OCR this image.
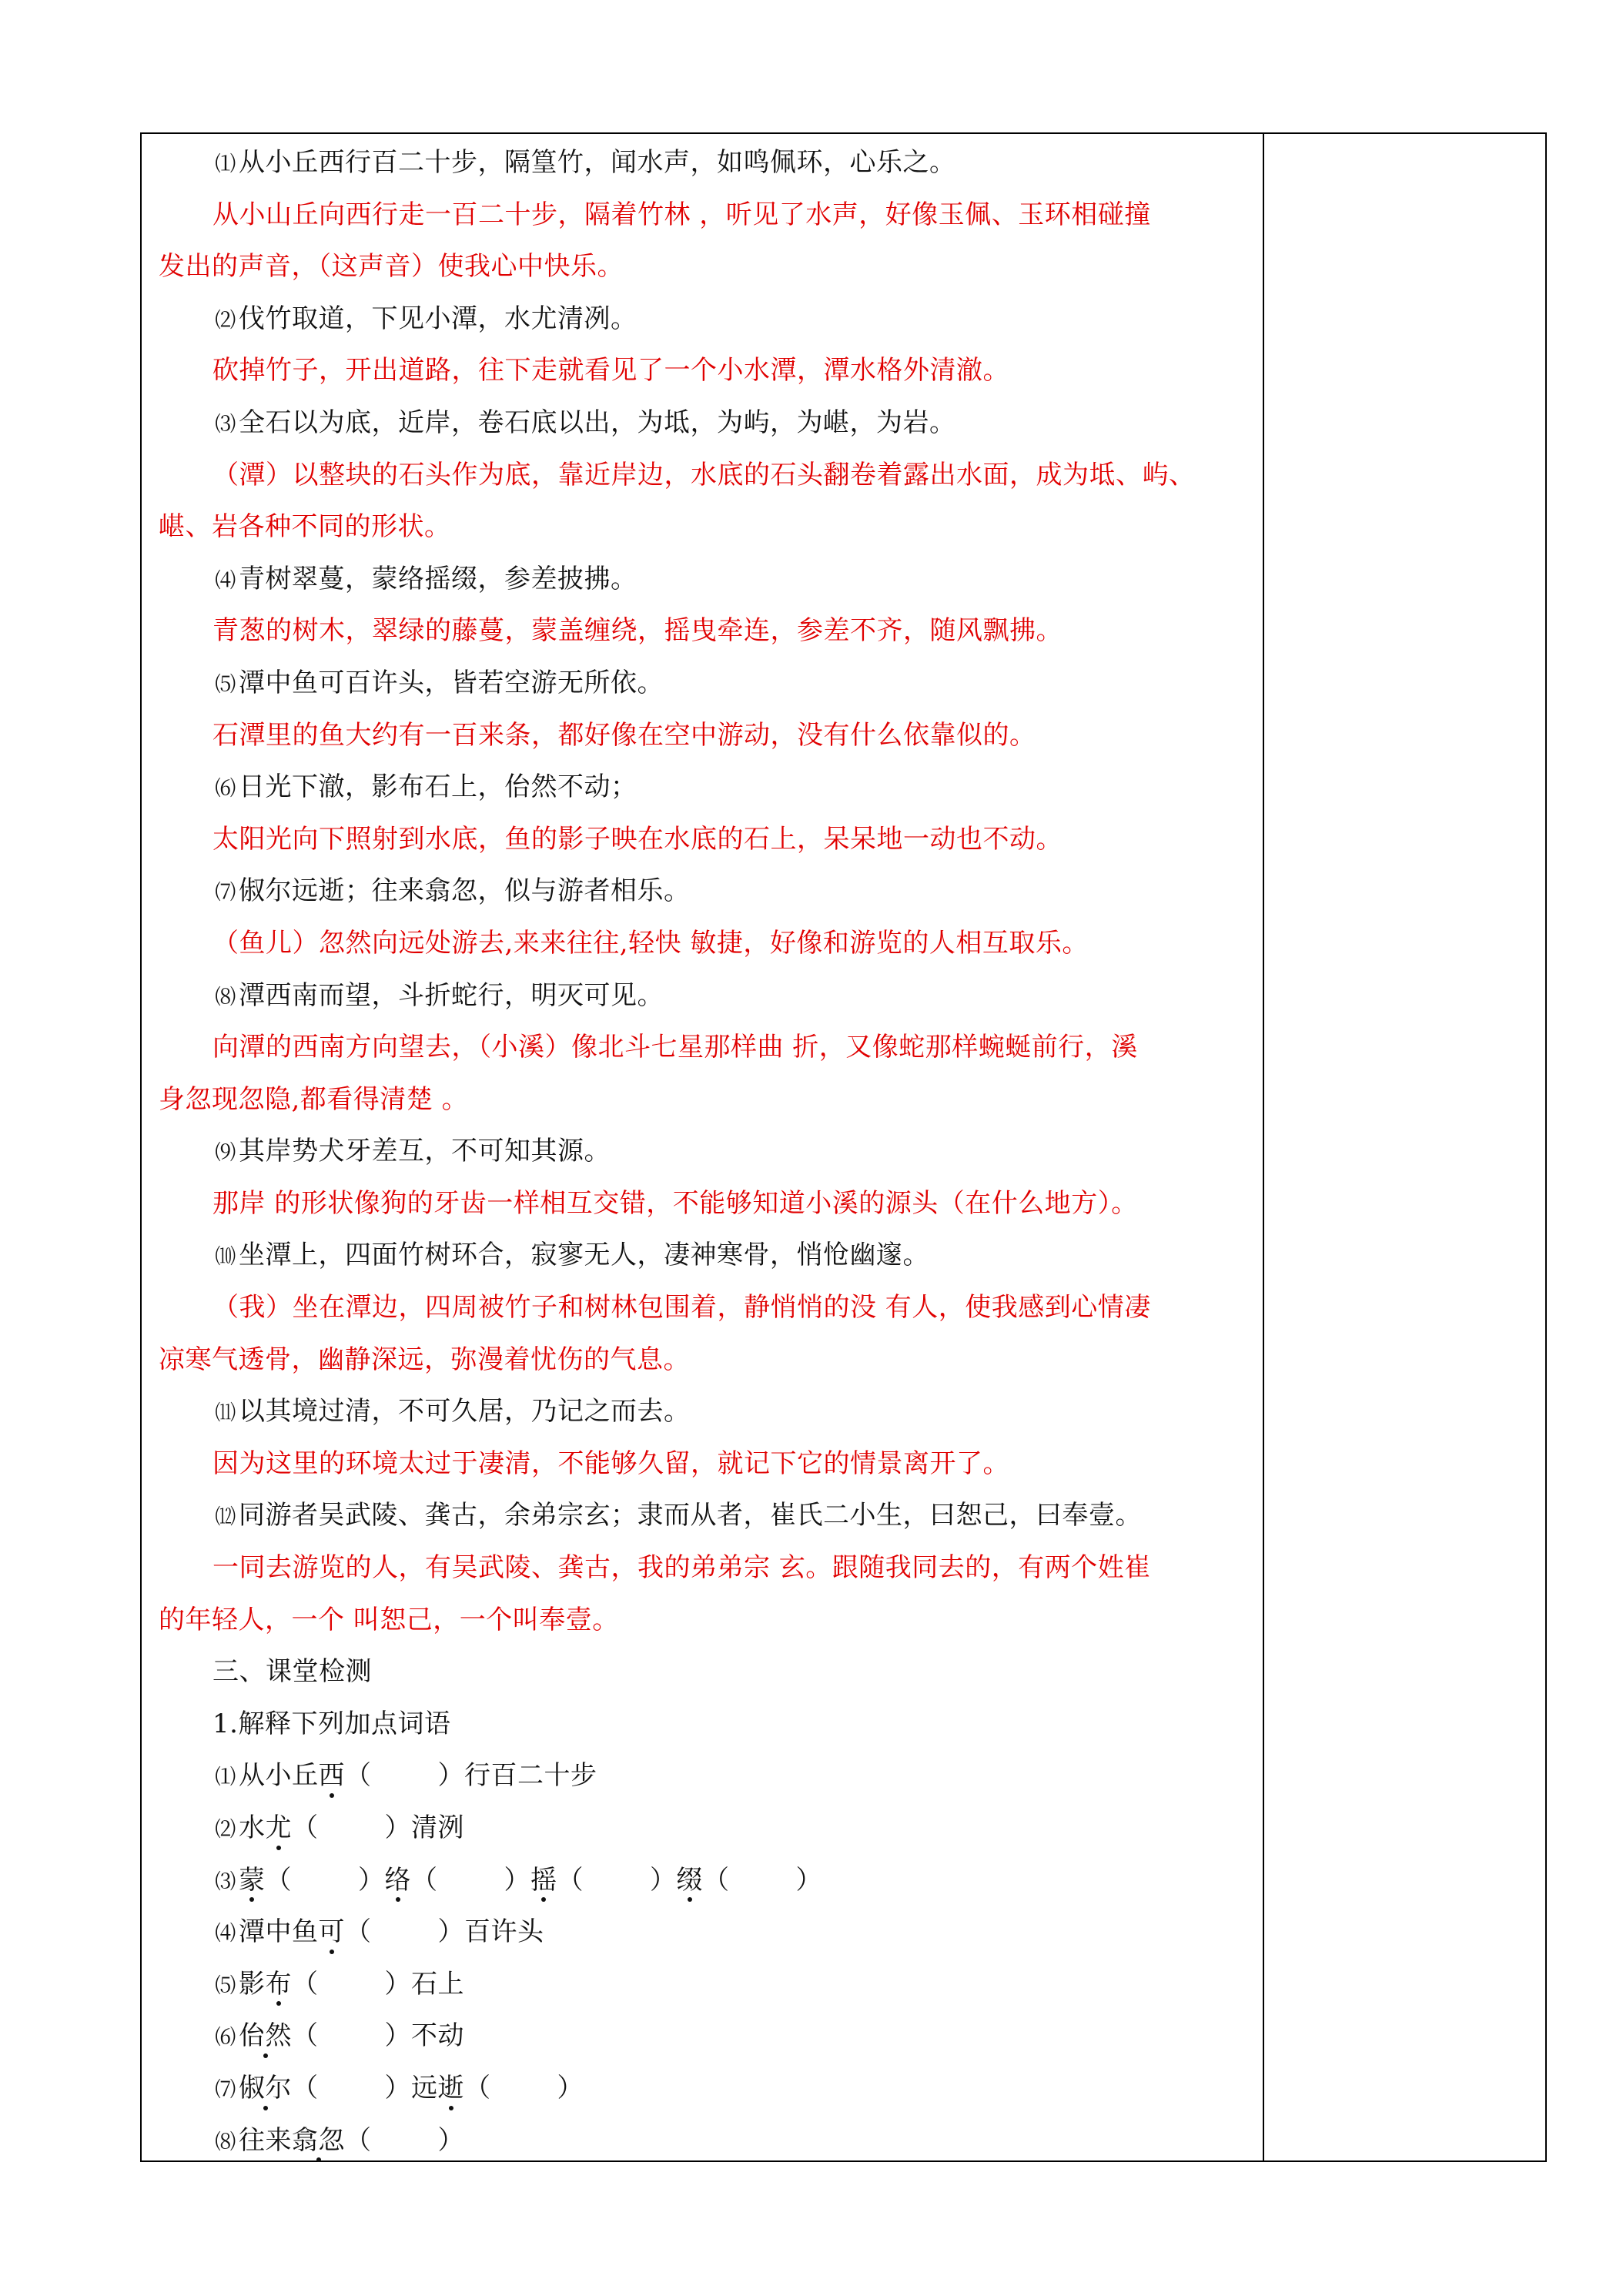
⑴从小丘西行百二十步，隔篁竹，闻水声，如鸣佩环，心乐之。
从小山丘向西行走一百二十步，隔着竹林 ，听见了水声，好像玉佩、玉环相碰撞
发出的声音，（这声音）使我心中快乐。
⑵伐竹取道，下见小潭，水尤清冽。
砍掉竹子，开出道路，往下走就看见了一个小水潭，潭水格外清澈。
⑶全石以为底，近岸，卷石底以出，为坻，为屿，为嵁，为岩。
（潭）以整块的石头作为底，靠近岸边，水底的石头翻卷着露出水面，成为坻、屿、
嵁、岩各种不同的形状。
⑷青树翠蔓，蒙络摇缀，参差披拂。
青葱的树木，翠绿的藤蔓，蒙盖缠绕，摇曳牵连，参差不齐，随风飘拂。
⑸潭中鱼可百许头，皆若空游无所依。
石潭里的鱼大约有一百来条，都好像在空中游动，没有什么依靠似的。
⑹日光下澈，影布石上，佁然不动；
太阳光向下照射到水底，鱼的影子映在水底的石上，呆呆地一动也不动。
⑺俶尔远逝；往来翕忽，似与游者相乐。
（鱼儿）忽然向远处游去,来来往往,轻快 敏捷，好像和游览的人相互取乐。
⑻潭西南而望，斗折蛇行，明灭可见。
向潭的西南方向望去，（小溪）像北斗七星那样曲 折，又像蛇那样蜿蜒前行，溪
身忽现忽隐,都看得清楚 。
⑼其岸势犬牙差互，不可知其源。
那岸 的形状像狗的牙齿一样相互交错，不能够知道小溪的源头（在什么地方）。
⑽坐潭上，四面竹树环合，寂寥无人，凄神寒骨，悄怆幽邃。
（我）坐在潭边，四周被竹子和树林包围着，静悄悄的没 有人，使我感到心情凄
凉寒气透骨，幽静深远，弥漫着忧伤的气息。
⑾以其境过清，不可久居，乃记之而去。
因为这里的环境太过于凄清，不能够久留，就记下它的情景离开了。
⑿同游者吴武陵、龚古，余弟宗玄；隶而从者，崔氏二小生，曰恕己，曰奉壹。
一同去游览的人，有吴武陵、龚古，我的弟弟宗 玄。跟随我同去的，有两个姓崔
的年轻人，一个 叫恕己，一个叫奉壹。
三、课堂检测
1.解释下列加点词语
⑴从小丘西（	）行百二十步
⑵水尤（	）清洌
⑶蒙（	）络（	）摇（	）缀（	）
⑷潭中鱼可（	）百许头
⑸影布（	）石上
⑹佁然（	）不动
⑺俶尔（	）远逝（	）
⑻往来翕忽（	）
